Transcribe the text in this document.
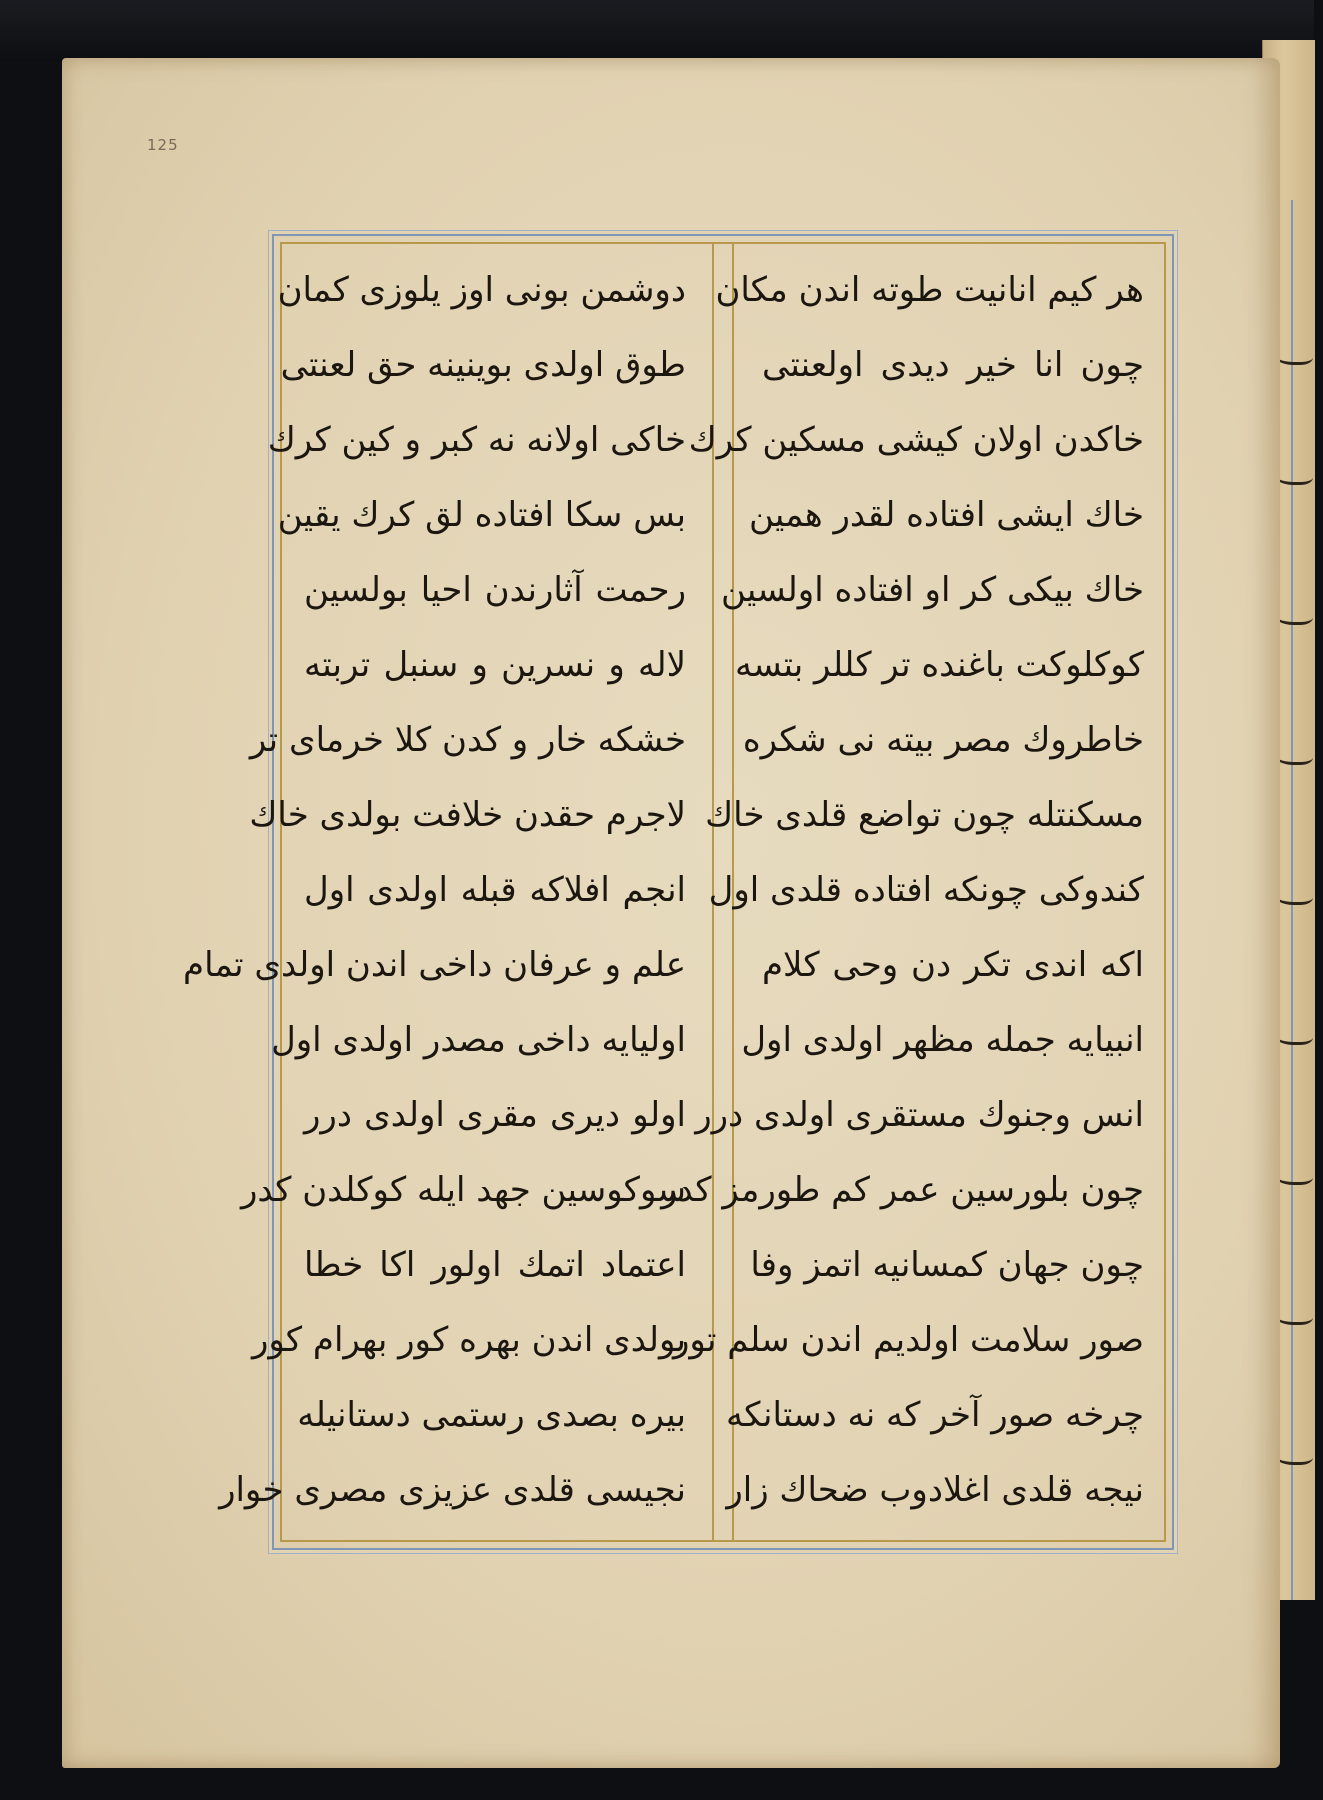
125
هر کیم انانیت طوته اندن مکان
چون انا خیر دیدی اولعنتی
خاکدن اولان کیشی مسکین کرك
خاك ایشی افتاده لقدر همین
خاك بیکی کر او افتاده اولسین
کوکلوکت باغنده تر کللر بتسه
خاطروك مصر بیته نی شکره
مسکنتله چون تواضع قلدی خاك
کندوکی چونکه افتاده قلدی اول
اکه اندی تکر دن وحی کلام
انبیایه جمله مظهر اولدی اول
انس وجنوك مستقری اولدی درر
چون بلورسین عمر کم طورمز کدر
چون جهان کمسانیه اتمز وفا
صور سلامت اولدیم اندن سلم تور
چرخه صور آخر که نه دستانکه
نیجه قلدی اغلادوب ضحاك زار
دوشمن بونی اوز یلوزی کمان
طوق اولدی بوینینه حق لعنتی
خاکی اولانه نه کبر و کین کرك
بس سکا افتاده لق کرك یقین
رحمت آثارندن احیا بولسین
لاله و نسرین و سنبل تربته
خشکه خار و کدن کلا خرمای تر
لاجرم حقدن خلافت بولدی خاك
انجم افلاکه قبله اولدی اول
علم و عرفان داخی اندن اولدی تمام
اولیایه داخی مصدر اولدی اول
اولو دیری مقری اولدی درر
سوکوسین جهد ایله کوکلدن کدر
اعتماد اتمك اولور اکا خطا
بولدی اندن بهره کور بهرام کور
بیره بصدی رستمی دستانیله
نجیسی قلدی عزیزی مصری خوار
